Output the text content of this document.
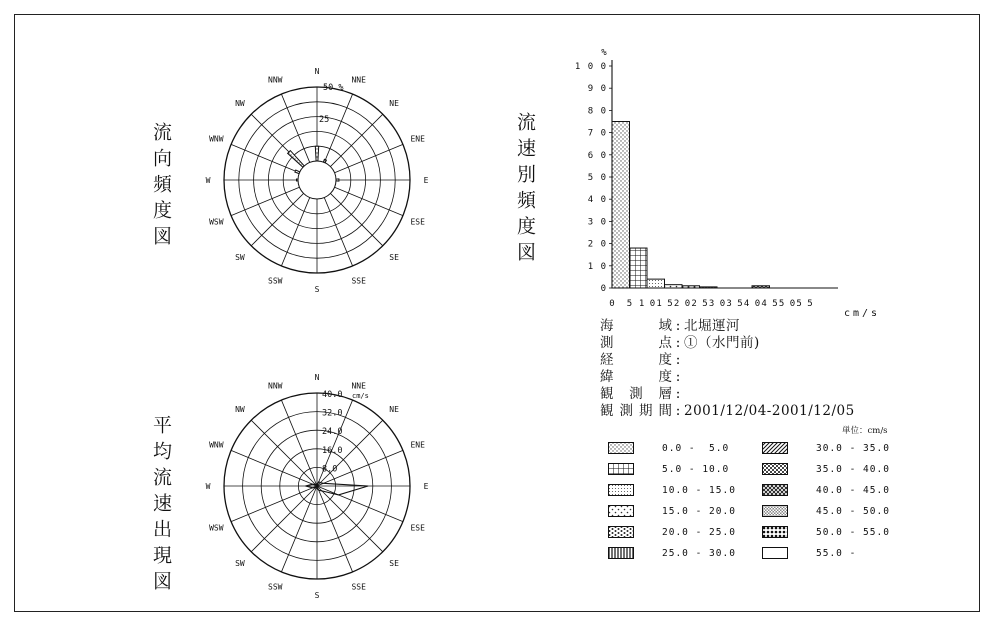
流向頻度図	流速別頻度図
平均流速出現図
N
NNE
NE
ENE
E
ESE
SE
SSE
S
SSW
SW
WSW
W
WNW
NW
NNW
25
50 %
0
1 0
2 0
3 0
4 0
5 0
6 0
7 0
8 0
9 0
1 0 0
%
0 5 1 0 1 5 2 0 2 5 3 0 3 5 4 0 4 5 5 0 5 5
cm/s
N
NNE
NE
ENE
E
ESE
SE
SSE
S
SSW
SW
WSW
W
WNW
NW
NNW
8.0
16.0
24.0
32.0
40.0 cm/s
海	域 : 北堀運河
測	点 : ①（水門前)
経	度 :
緯	度 :
観 測 層 :
観 測 期 間 : 2001/12/04-2001/12/05
単位：cm/s
0.0 -  5.0
5.0 - 10.0
10.0 - 15.0
15.0 - 20.0
20.0 - 25.0
25.0 - 30.0
30.0 - 35.0
35.0 - 40.0
40.0 - 45.0
45.0 - 50.0
50.0 - 55.0
55.0 -
